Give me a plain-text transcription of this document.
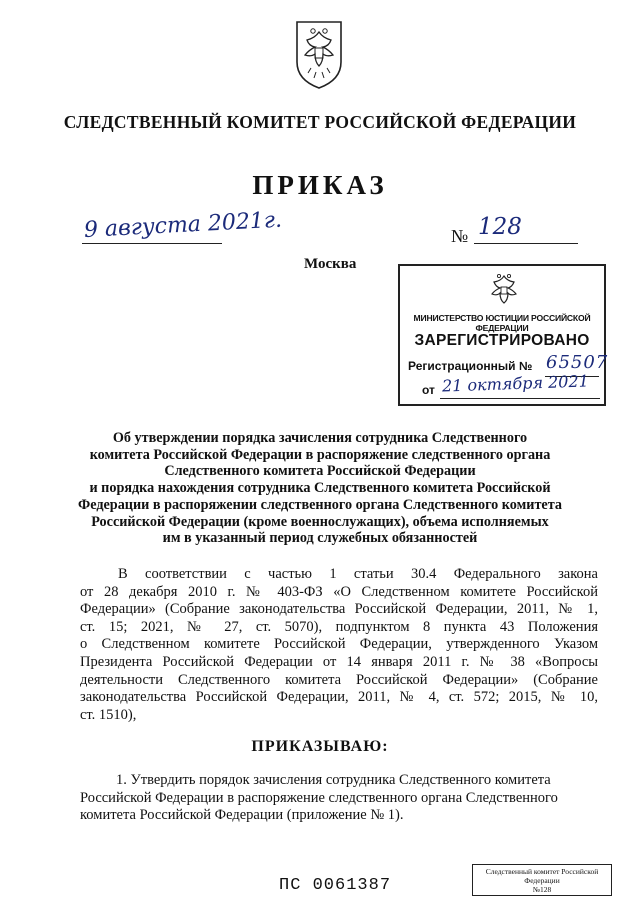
СЛЕДСТВЕННЫЙ КОМИТЕТ РОССИЙСКОЙ ФЕДЕРАЦИИ
ПРИКАЗ
9 августа 2021г.	№ 128
Москва
МИНИСТЕРСТВО ЮСТИЦИИ РОССИЙСКОЙ ФЕДЕРАЦИИ
ЗАРЕГИСТРИРОВАНО
Регистрационный № 65507
от 21 октября 2021
Об утверждении порядка зачисления сотрудника Следственного
комитета Российской Федерации в распоряжение следственного органа
Следственного комитета Российской Федерации
и порядка нахождения сотрудника Следственного комитета Российской
Федерации в распоряжении следственного органа Следственного комитета
Российской Федерации (кроме военнослужащих), объема исполняемых
им в указанный период служебных обязанностей
В соответствии с частью 1 статьи 30.4 Федерального закона
от 28 декабря 2010 г. № 403-ФЗ «О Следственном комитете Российской
Федерации» (Собрание законодательства Российской Федерации, 2011, № 1,
ст. 15; 2021, № 27, ст. 5070), подпунктом 8 пункта 43 Положения
о Следственном комитете Российской Федерации, утвержденного Указом
Президента Российской Федерации от 14 января 2011 г. № 38 «Вопросы
деятельности Следственного комитета Российской Федерации» (Собрание
законодательства Российской Федерации, 2011, № 4, ст. 572; 2015, № 10,
ст. 1510),
ПРИКАЗЫВАЮ:
1. Утвердить порядок зачисления сотрудника Следственного комитета
Российской Федерации в распоряжение следственного органа Следственного
комитета Российской Федерации (приложение № 1).
ПС 0061387
Следственный комитет Российской
Федерации
№128
